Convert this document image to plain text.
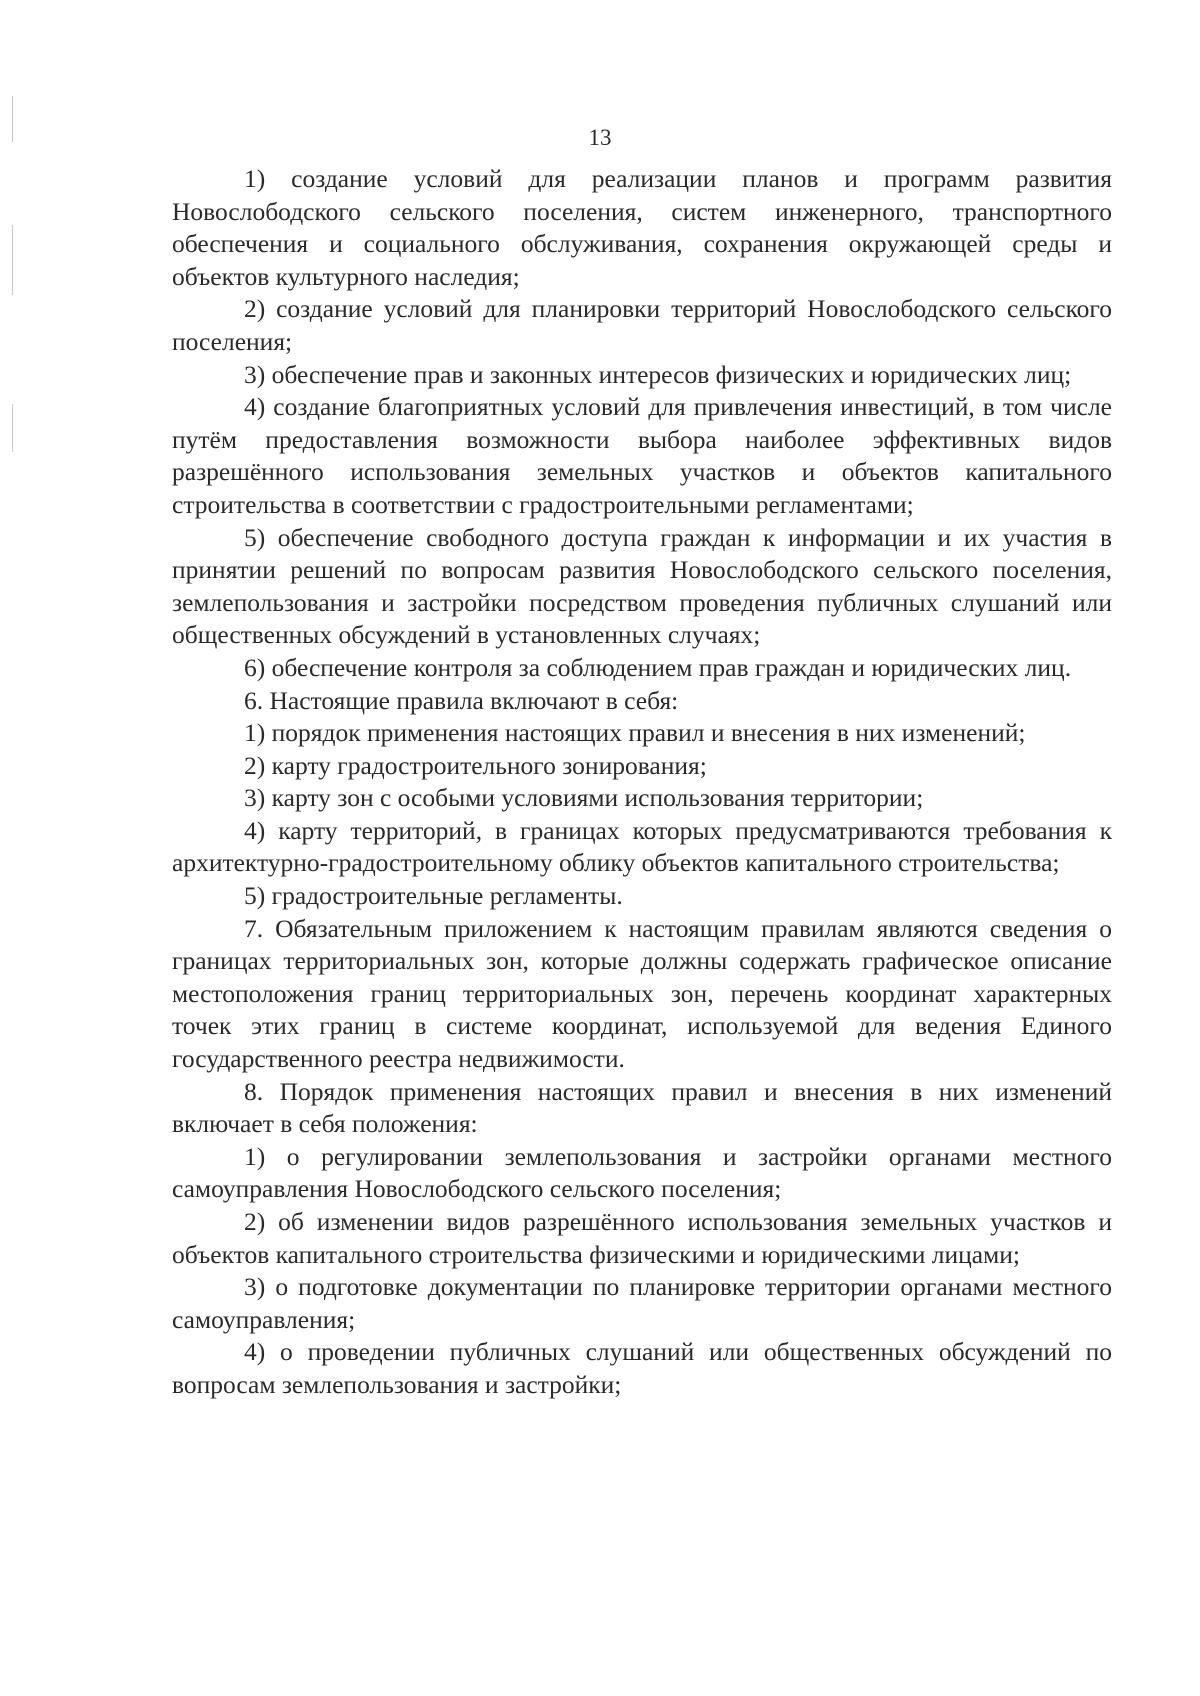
13

1) создание условий для реализации планов и программ развития Новослободского сельского поселения, систем инженерного, транспортного обеспечения и социального обслуживания, сохранения окружающей среды и объектов культурного наследия;

2) создание условий для планировки территорий Новослободского сельского поселения;

3) обеспечение прав и законных интересов физических и юридических лиц;

4) создание благоприятных условий для привлечения инвестиций, в том числе путём предоставления возможности выбора наиболее эффективных видов разрешённого использования земельных участков и объектов капитального строительства в соответствии с градостроительными регламентами;

5) обеспечение свободного доступа граждан к информации и их участия в принятии решений по вопросам развития Новослободского сельского поселения, землепользования и застройки посредством проведения публичных слушаний или общественных обсуждений в установленных случаях;

6) обеспечение контроля за соблюдением прав граждан и юридических лиц.

6. Настоящие правила включают в себя:

1) порядок применения настоящих правил и внесения в них изменений;

2) карту градостроительного зонирования;

3) карту зон с особыми условиями использования территории;

4) карту территорий, в границах которых предусматриваются требования к архитектурно-градостроительному облику объектов капитального строительства;

5) градостроительные регламенты.

7. Обязательным приложением к настоящим правилам являются сведения о границах территориальных зон, которые должны содержать графическое описание местоположения границ территориальных зон, перечень координат характерных точек этих границ в системе координат, используемой для ведения Единого государственного реестра недвижимости.

8. Порядок применения настоящих правил и внесения в них изменений включает в себя положения:

1) о регулировании землепользования и застройки органами местного самоуправления Новослободского сельского поселения;

2) об изменении видов разрешённого использования земельных участков и объектов капитального строительства физическими и юридическими лицами;

3) о подготовке документации по планировке территории органами местного самоуправления;

4) о проведении публичных слушаний или общественных обсуждений по вопросам землепользования и застройки;
